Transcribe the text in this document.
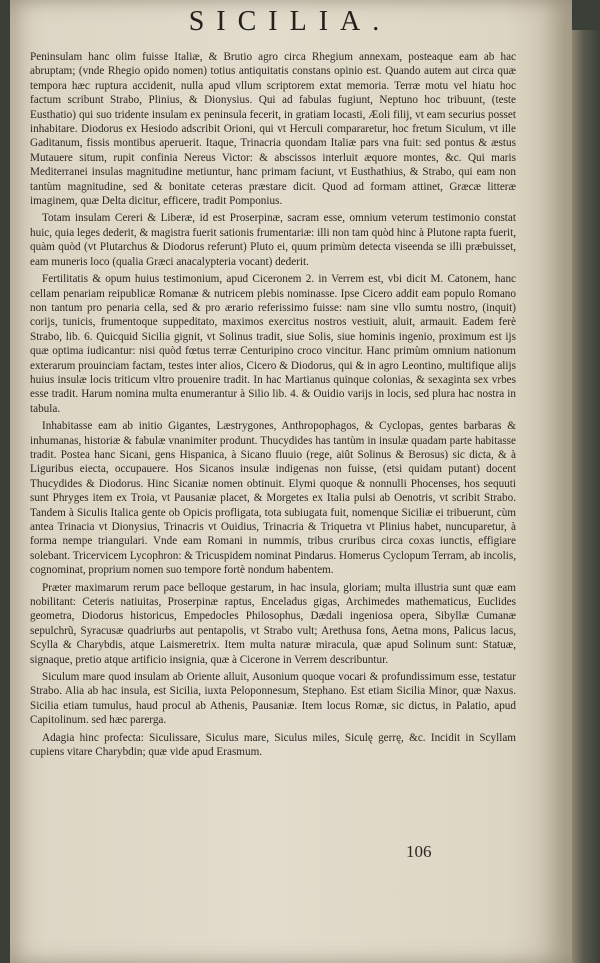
SICILIA.

Peninsulam hanc olim fuisse Italiæ, & Brutio agro circa Rhegium annexam, posteaque eam ab hac abruptam; (vnde Rhegio opido nomen) totius antiquitatis constans opinio est. Quando autem aut circa quæ tempora hæc ruptura accidenit, nulla apud vllum scriptorem extat memoria. Terræ motu vel hiatu hoc factum scribunt Strabo, Plinius, & Dionysius. Qui ad fabulas fugiunt, Neptuno hoc tribuunt, (teste Eusthatio) qui suo tridente insulam ex peninsula fecerit, in gratiam Iocasti, Æoli filij, vt eam securius posset inhabitare. Diodorus ex Hesiodo adscribit Orioni, qui vt Herculi compararetur, hoc fretum Siculum, vt ille Gaditanum, fissis montibus aperuerit. Itaque, Trinacria quondam Italiæ pars vna fuit: sed pontus & æstus Mutauere situm, rupit confinia Nereus Victor: & abscissos interluit æquore montes, &c. Qui maris Mediterranei insulas magnitudine metiuntur, hanc primam faciunt, vt Eusthathius, & Strabo, qui eam non tantùm magnitudine, sed & bonitate ceteras præstare dicit. Quod ad formam attinet, Græcæ litteræ imaginem, quæ Delta dicitur, efficere, tradit Pomponius.

Totam insulam Cereri & Liberæ, id est Proserpinæ, sacram esse, omnium veterum testimonio constat huic, quia leges dederit, & magistra fuerit sationis frumentariæ: illi non tam quòd hinc à Plutone rapta fuerit, quàm quòd (vt Plutarchus & Diodorus referunt) Pluto ei, quum primùm detecta viseenda se illi præbuisset, eam muneris loco (qualia Græci anacalypteria vocant) dederit.

Fertilitatis & opum huius testimonium, apud Ciceronem 2. in Verrem est, vbi dicit M. Catonem, hanc cellam penariam reipublicæ Romanæ & nutricem plebis nominasse. Ipse Cicero addit eam populo Romano non tantum pro penaria cella, sed & pro ærario referissimo fuisse: nam sine vllo sumtu nostro, (inquit) corijs, tunicis, frumentoque suppeditato, maximos exercitus nostros vestiuit, aluit, armauit. Eadem ferè Strabo, lib. 6. Quicquid Sicilia gignit, vt Solinus tradit, siue Solis, siue hominis ingenio, proximum est ijs quæ optima iudicantur: nisi quòd fœtus terræ Centuripino croco vincitur. Hanc primùm omnium nationum exterarum prouinciam factam, testes inter alios, Cicero & Diodorus, qui & in agro Leontino, multifique alijs huius insulæ locis triticum vltro prouenire tradit. In hac Martianus quinque colonias, & sexaginta sex vrbes esse tradit. Harum nomina multa enumerantur à Silio lib. 4. & Ouidio varijs in locis, sed plura hac nostra in tabula.

Inhabitasse eam ab initio Gigantes, Læstrygones, Anthropophagos, & Cyclopas, gentes barbaras & inhumanas, historiæ & fabulæ vnanimiter produnt. Thucydides has tantùm in insulæ quadam parte habitasse tradit. Postea hanc Sicani, gens Hispanica, à Sicano fluuio (rege, aiût Solinus & Berosus) sic dicta, & à Liguribus eiecta, occupauere. Hos Sicanos insulæ indigenas non fuisse, (etsi quidam putant) docent Thucydides & Diodorus. Hinc Sicaniæ nomen obtinuit. Elymi quoque & nonnulli Phocenses, hos sequuti sunt Phryges item ex Troia, vt Pausaniæ placet, & Morgetes ex Italia pulsi ab Oenotris, vt scribit Strabo. Tandem à Siculis Italica gente ob Opicis profligata, tota subiugata fuit, nomenque Siciliæ ei tribuerunt, cùm antea Trinacia vt Dionysius, Trinacris vt Ouidius, Trinacria & Triquetra vt Plinius habet, nuncuparetur, à forma nempe triangulari. Vnde eam Romani in nummis, tribus cruribus circa coxas iunctis, effigiare solebant. Tricervicem Lycophron: & Tricuspidem nominat Pindarus. Homerus Cyclopum Terram, ab incolis, cognominat, proprium nomen suo tempore fortè nondum habentem.

Præter maximarum rerum pace belloque gestarum, in hac insula, gloriam; multa illustria sunt quæ eam nobilitant: Ceteris natiuitas, Proserpinæ raptus, Enceladus gigas, Archimedes mathematicus, Euclides geometra, Diodorus historicus, Empedocles Philosophus, Dædali ingeniosa opera, Sibyllæ Cumanæ sepulchrũ, Syracusæ quadriurbs aut pentapolis, vt Strabo vult; Arethusa fons, Aetna mons, Palicus lacus, Scylla & Charybdis, atque Laismeretrix. Item multa naturæ miracula, quæ apud Solinum sunt: Statuæ, signaque, pretio atque artificio insignia, quæ à Cicerone in Verrem describuntur.

Siculum mare quod insulam ab Oriente alluit, Ausonium quoque vocari & profundissimum esse, testatur Strabo. Alia ab hac insula, est Sicilia, iuxta Peloponnesum, Stephano. Est etiam Sicilia Minor, quæ Naxus. Sicilia etiam tumulus, haud procul ab Athenis, Pausaniæ. Item locus Romæ, sic dictus, in Palatio, apud Capitolinum. sed hæc parerga.

Adagia hinc profecta: Siculissare, Siculus mare, Siculus miles, Siculę gerrę, &c. Incidit in Scyllam cupiens vitare Charybdin; quæ vide apud Erasmum.

106
